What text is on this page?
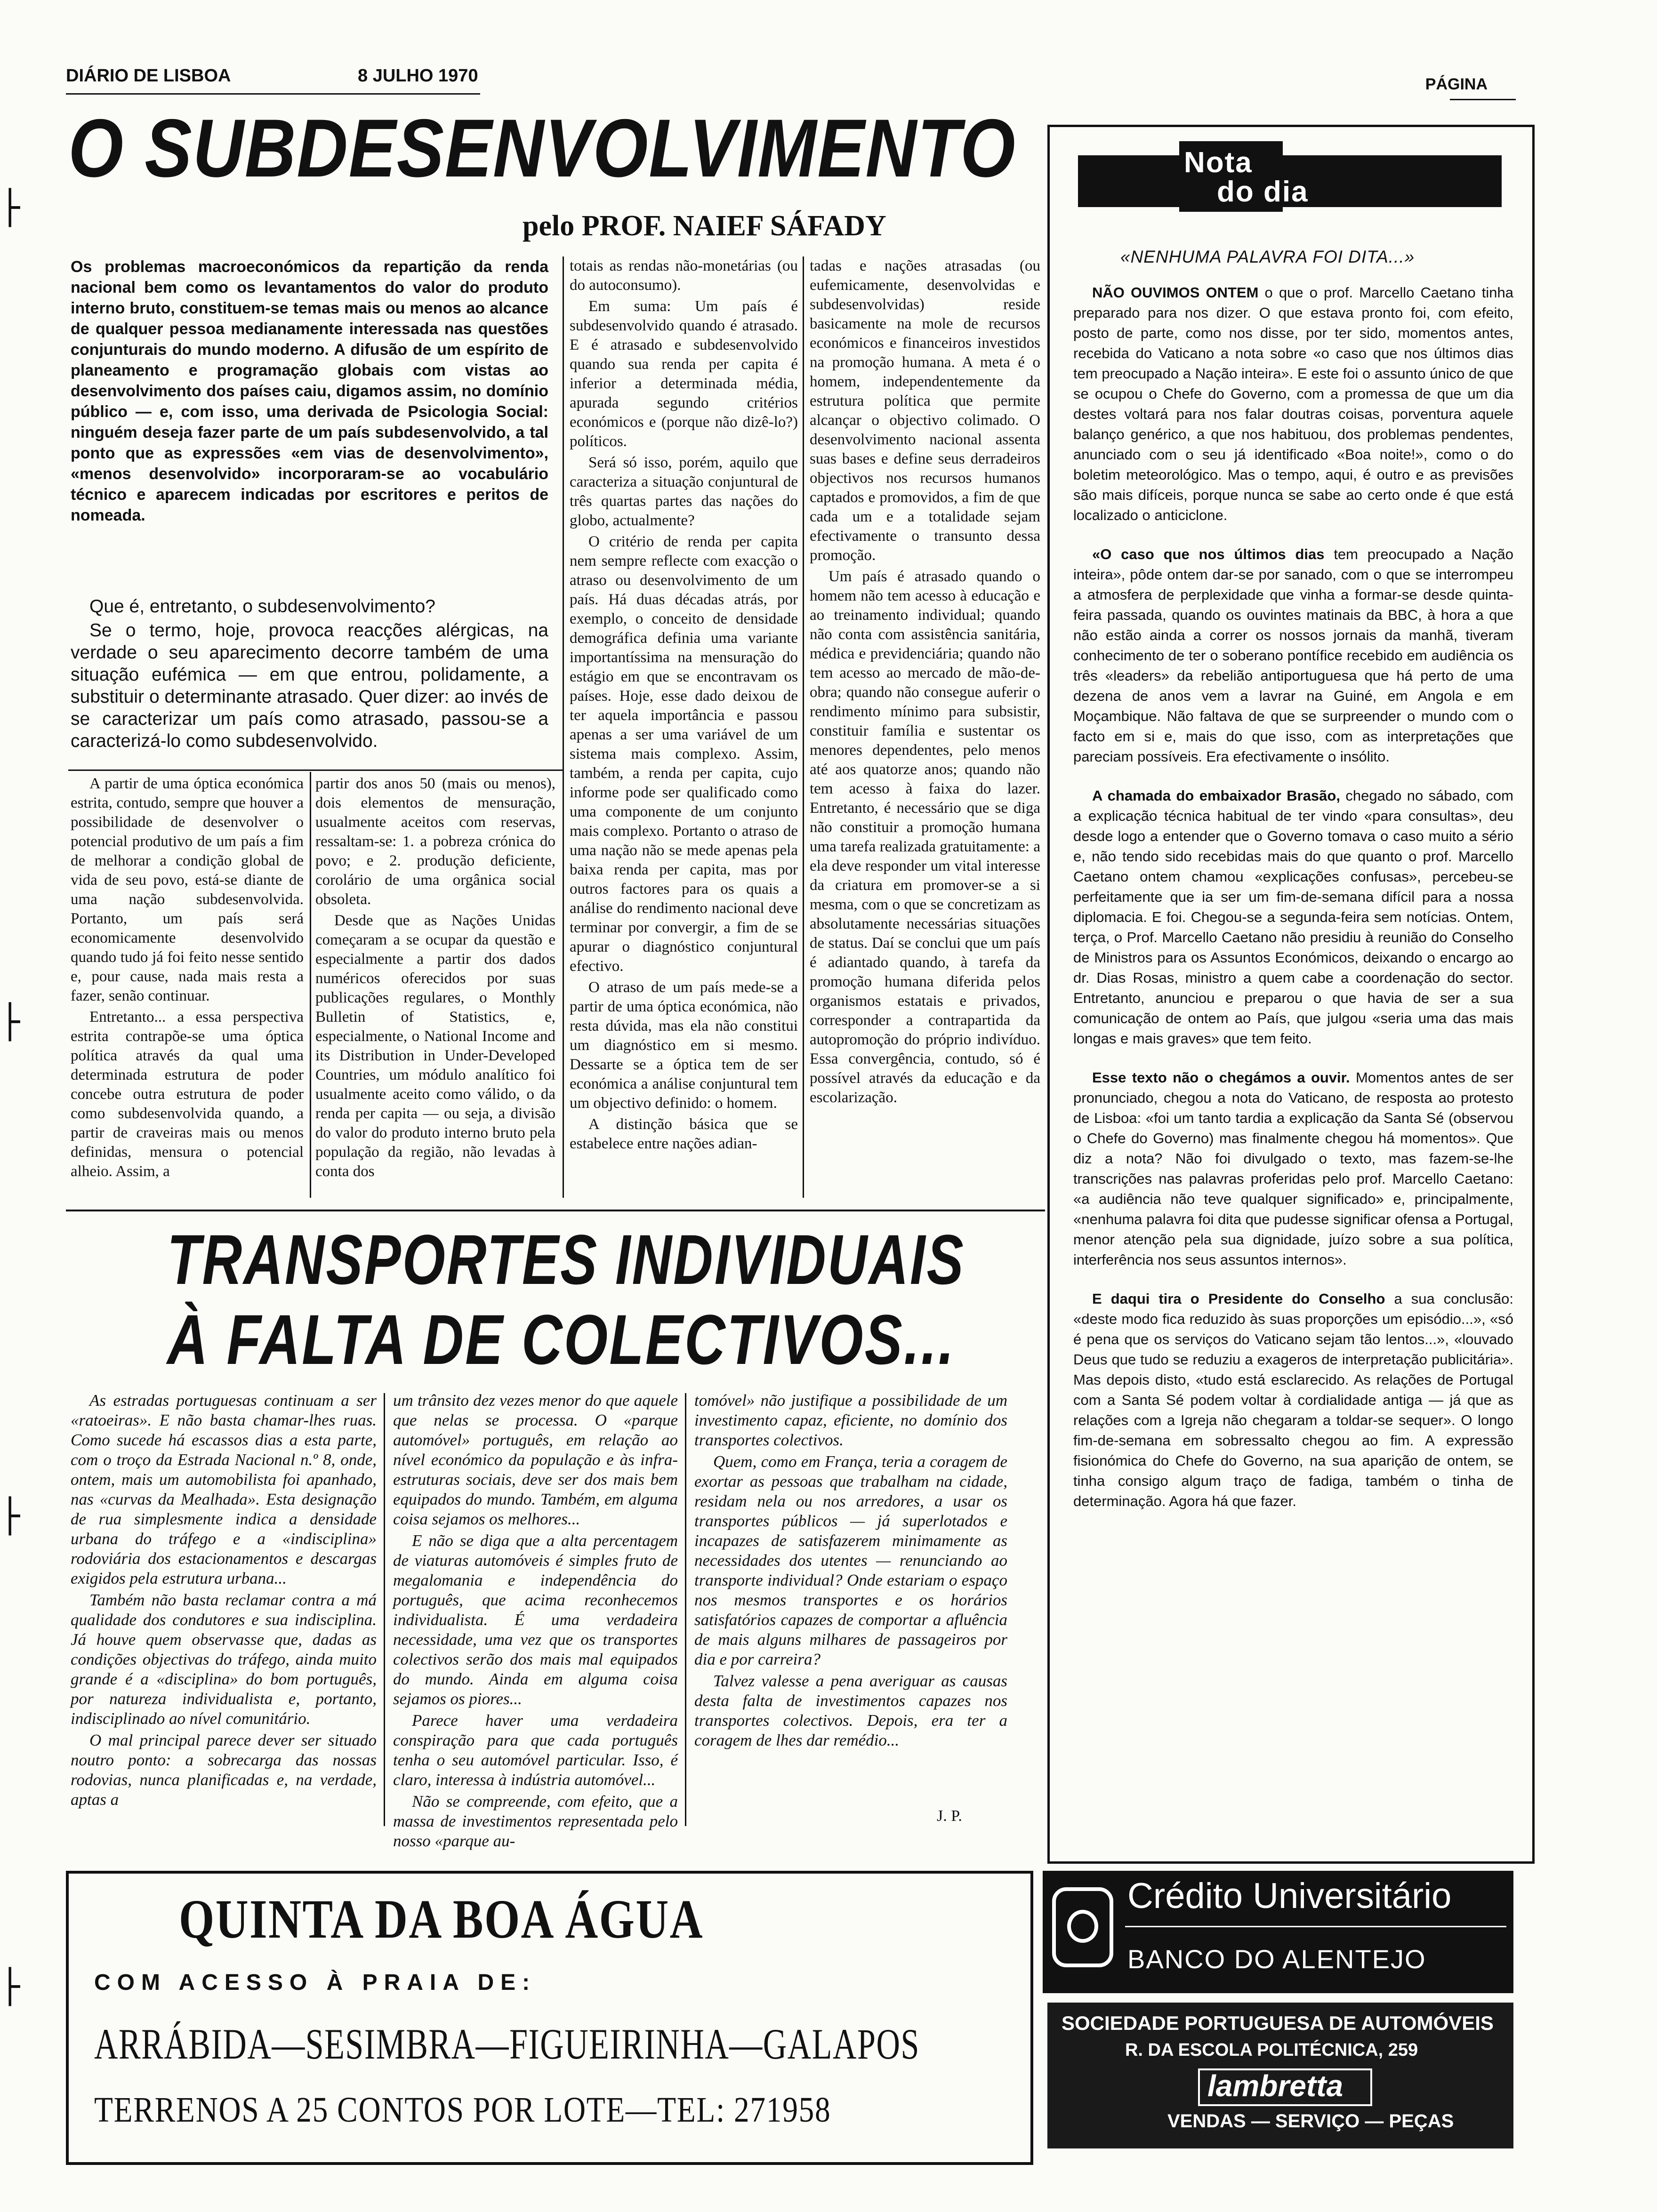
DIÁRIO DE LISBOA	8 JULHO 1970	PÁGINA
├
├
├
├
O SUBDESENVOLVIMENTO
pelo PROF. NAIEF SÁFADY
Os problemas macroeconómicos da repartição da renda nacional bem como os levantamentos do valor do produto interno bruto, constituem-se temas mais ou menos ao alcance de qualquer pessoa medianamente interessada nas questões conjunturais do mundo moderno. A difusão de um espírito de planeamento e programação globais com vistas ao desenvolvimento dos países caiu, digamos assim, no domínio público — e, com isso, uma derivada de Psicologia Social: ninguém deseja fazer parte de um país subdesenvolvido, a tal ponto que as expressões «em vias de desenvolvimento», «menos desenvolvido» incorporaram-se ao vocabulário técnico e aparecem indicadas por escritores e peritos de nomeada.

Que é, entretanto, o subdesenvolvimento?

Se o termo, hoje, provoca reacções alérgicas, na verdade o seu aparecimento decorre também de uma situação eufémica — em que entrou, polidamente, a substituir o determinante atrasado. Quer dizer: ao invés de se caracterizar um país como atrasado, passou-se a caracterizá-lo como subdesenvolvido.

A partir de uma óptica económica estrita, contudo, sempre que houver a possibilidade de desenvolver o potencial produtivo de um país a fim de melhorar a condição global de vida de seu povo, está-se diante de uma nação subdesenvolvida. Portanto, um país será economicamente desenvolvido quando tudo já foi feito nesse sentido e, pour cause, nada mais resta a fazer, senão continuar.

Entretanto... a essa perspectiva estrita contrapõe-se uma óptica política através da qual uma determinada estrutura de poder concebe outra estrutura de poder como subdesenvolvida quando, a partir de craveiras mais ou menos definidas, mensura o potencial alheio. Assim, a

partir dos anos 50 (mais ou menos), dois elementos de mensuração, usualmente aceitos com reservas, ressaltam-se: 1. a pobreza crónica do povo; e 2. produção deficiente, corolário de uma orgânica social obsoleta.

Desde que as Nações Unidas começaram a se ocupar da questão e especialmente a partir dos dados numéricos oferecidos por suas publicações regulares, o Monthly Bulletin of Statistics, e, especialmente, o National Income and its Distribution in Under-Developed Countries, um módulo analítico foi usualmente aceito como válido, o da renda per capita — ou seja, a divisão do valor do produto interno bruto pela população da região, não levadas à conta dos

totais as rendas não-monetárias (ou do autoconsumo).

Em suma: Um país é subdesenvolvido quando é atrasado. E é atrasado e subdesenvolvido quando sua renda per capita é inferior a determinada média, apurada segundo critérios económicos e (porque não dizê-lo?) políticos.

Será só isso, porém, aquilo que caracteriza a situação conjuntural de três quartas partes das nações do globo, actualmente?

O critério de renda per capita nem sempre reflecte com exacção o atraso ou desenvolvimento de um país. Há duas décadas atrás, por exemplo, o conceito de densidade demográfica definia uma variante importantíssima na mensuração do estágio em que se encontravam os países. Hoje, esse dado deixou de ter aquela importância e passou apenas a ser uma variável de um sistema mais complexo. Assim, também, a renda per capita, cujo informe pode ser qualificado como uma componente de um conjunto mais complexo. Portanto o atraso de uma nação não se mede apenas pela baixa renda per capita, mas por outros factores para os quais a análise do rendimento nacional deve terminar por convergir, a fim de se apurar o diagnóstico conjuntural efectivo.

O atraso de um país mede-se a partir de uma óptica económica, não resta dúvida, mas ela não constitui um diagnóstico em si mesmo. Dessarte se a óptica tem de ser económica a análise conjuntural tem um objectivo definido: o homem.

A distinção básica que se estabelece entre nações adian-

tadas e nações atrasadas (ou eufemicamente, desenvolvidas e subdesenvolvidas) reside basicamente na mole de recursos económicos e financeiros investidos na promoção humana. A meta é o homem, independentemente da estrutura política que permite alcançar o objectivo colimado. O desenvolvimento nacional assenta suas bases e define seus derradeiros objectivos nos recursos humanos captados e promovidos, a fim de que cada um e a totalidade sejam efectivamente o transunto dessa promoção.

Um país é atrasado quando o homem não tem acesso à educação e ao treinamento individual; quando não conta com assistência sanitária, médica e previdenciária; quando não tem acesso ao mercado de mão-de-obra; quando não consegue auferir o rendimento mínimo para subsistir, constituir família e sustentar os menores dependentes, pelo menos até aos quatorze anos; quando não tem acesso à faixa do lazer. Entretanto, é necessário que se diga não constituir a promoção humana uma tarefa realizada gratuitamente: a ela deve responder um vital interesse da criatura em promover-se a si mesma, com o que se concretizam as absolutamente necessárias situações de status. Daí se conclui que um país é adiantado quando, à tarefa da promoção humana diferida pelos organismos estatais e privados, corresponder a contrapartida da autopromoção do próprio indivíduo. Essa convergência, contudo, só é possível através da educação e da escolarização.

TRANSPORTES INDIVIDUAIS
À FALTA DE COLECTIVOS...

As estradas portuguesas continuam a ser «ratoeiras». E não basta chamar-lhes ruas. Como sucede há escassos dias a esta parte, com o troço da Estrada Nacional n.º 8, onde, ontem, mais um automobilista foi apanhado, nas «curvas da Mealhada». Esta designação de rua simplesmente indica a densidade urbana do tráfego e a «indisciplina» rodoviária dos estacionamentos e descargas exigidos pela estrutura urbana...

Também não basta reclamar contra a má qualidade dos condutores e sua indisciplina. Já houve quem observasse que, dadas as condições objectivas do tráfego, ainda muito grande é a «disciplina» do bom português, por natureza individualista e, portanto, indisciplinado ao nível comunitário.

O mal principal parece dever ser situado noutro ponto: a sobrecarga das nossas rodovias, nunca planificadas e, na verdade, aptas a

um trânsito dez vezes menor do que aquele que nelas se processa. O «parque automóvel» português, em relação ao nível económico da população e às infra-estruturas sociais, deve ser dos mais bem equipados do mundo. Também, em alguma coisa sejamos os melhores...

E não se diga que a alta percentagem de viaturas automóveis é simples fruto de megalomania e independência do português, que acima reconhecemos individualista. É uma verdadeira necessidade, uma vez que os transportes colectivos serão dos mais mal equipados do mundo. Ainda em alguma coisa sejamos os piores...

Parece haver uma verdadeira conspiração para que cada português tenha o seu automóvel particular. Isso, é claro, interessa à indústria automóvel...

Não se compreende, com efeito, que a massa de investimentos representada pelo nosso «parque au-

tomóvel» não justifique a possibilidade de um investimento capaz, eficiente, no domínio dos transportes colectivos.

Quem, como em França, teria a coragem de exortar as pessoas que trabalham na cidade, residam nela ou nos arredores, a usar os transportes públicos — já superlotados e incapazes de satisfazerem minimamente as necessidades dos utentes — renunciando ao transporte individual? Onde estariam o espaço nos mesmos transportes e os horários satisfatórios capazes de comportar a afluência de mais alguns milhares de passageiros por dia e por carreira?

Talvez valesse a pena averiguar as causas desta falta de investimentos capazes nos transportes colectivos. Depois, era ter a coragem de lhes dar remédio...

J. P.
Nota
do dia
«NENHUMA PALAVRA FOI DITA...»

NÃO OUVIMOS ONTEM o que o prof. Marcello Caetano tinha preparado para nos dizer. O que estava pronto foi, com efeito, posto de parte, como nos disse, por ter sido, momentos antes, recebida do Vaticano a nota sobre «o caso que nos últimos dias tem preocupado a Nação inteira». E este foi o assunto único de que se ocupou o Chefe do Governo, com a promessa de que um dia destes voltará para nos falar doutras coisas, porventura aquele balanço genérico, a que nos habituou, dos problemas pendentes, anunciado com o seu já identificado «Boa noite!», como o do boletim meteorológico. Mas o tempo, aqui, é outro e as previsões são mais difíceis, porque nunca se sabe ao certo onde é que está localizado o anticiclone.

«O caso que nos últimos dias tem preocupado a Nação inteira», pôde ontem dar-se por sanado, com o que se interrompeu a atmosfera de perplexidade que vinha a formar-se desde quinta-feira passada, quando os ouvintes matinais da BBC, à hora a que não estão ainda a correr os nossos jornais da manhã, tiveram conhecimento de ter o soberano pontífice recebido em audiência os três «leaders» da rebelião antiportuguesa que há perto de uma dezena de anos vem a lavrar na Guiné, em Angola e em Moçambique. Não faltava de que se surpreender o mundo com o facto em si e, mais do que isso, com as interpretações que pareciam possíveis. Era efectivamente o insólito.

A chamada do embaixador Brasão, chegado no sábado, com a explicação técnica habitual de ter vindo «para consultas», deu desde logo a entender que o Governo tomava o caso muito a sério e, não tendo sido recebidas mais do que quanto o prof. Marcello Caetano ontem chamou «explicações confusas», percebeu-se perfeitamente que ia ser um fim-de-semana difícil para a nossa diplomacia. E foi. Chegou-se a segunda-feira sem notícias. Ontem, terça, o Prof. Marcello Caetano não presidiu à reunião do Conselho de Ministros para os Assuntos Económicos, deixando o encargo ao dr. Dias Rosas, ministro a quem cabe a coordenação do sector. Entretanto, anunciou e preparou o que havia de ser a sua comunicação de ontem ao País, que julgou «seria uma das mais longas e mais graves» que tem feito.

Esse texto não o chegámos a ouvir. Momentos antes de ser pronunciado, chegou a nota do Vaticano, de resposta ao protesto de Lisboa: «foi um tanto tardia a explicação da Santa Sé (observou o Chefe do Governo) mas finalmente chegou há momentos». Que diz a nota? Não foi divulgado o texto, mas fazem-se-lhe transcrições nas palavras proferidas pelo prof. Marcello Caetano: «a audiência não teve qualquer significado» e, principalmente, «nenhuma palavra foi dita que pudesse significar ofensa a Portugal, menor atenção pela sua dignidade, juízo sobre a sua política, interferência nos seus assuntos internos».

E daqui tira o Presidente do Conselho a sua conclusão: «deste modo fica reduzido às suas proporções um episódio...», «só é pena que os serviços do Vaticano sejam tão lentos...», «louvado Deus que tudo se reduziu a exageros de interpretação publicitária». Mas depois disto, «tudo está esclarecido. As relações de Portugal com a Santa Sé podem voltar à cordialidade antiga — já que as relações com a Igreja não chegaram a toldar-se sequer». O longo fim-de-semana em sobressalto chegou ao fim. A expressão fisionómica do Chefe do Governo, na sua aparição de ontem, se tinha consigo algum traço de fadiga, também o tinha de determinação. Agora há que fazer.

QUINTA DA BOA ÁGUA
COM ACESSO À PRAIA DE:
ARRÁBIDA—SESIMBRA—FIGUEIRINHA—GALAPOS
TERRENOS A 25 CONTOS POR LOTE—TEL: 271958
Crédito Universitário
BANCO DO ALENTEJO
SOCIEDADE PORTUGUESA DE AUTOMÓVEIS
R. DA ESCOLA POLITÉCNICA, 259
lambretta
VENDAS — SERVIÇO — PEÇAS
